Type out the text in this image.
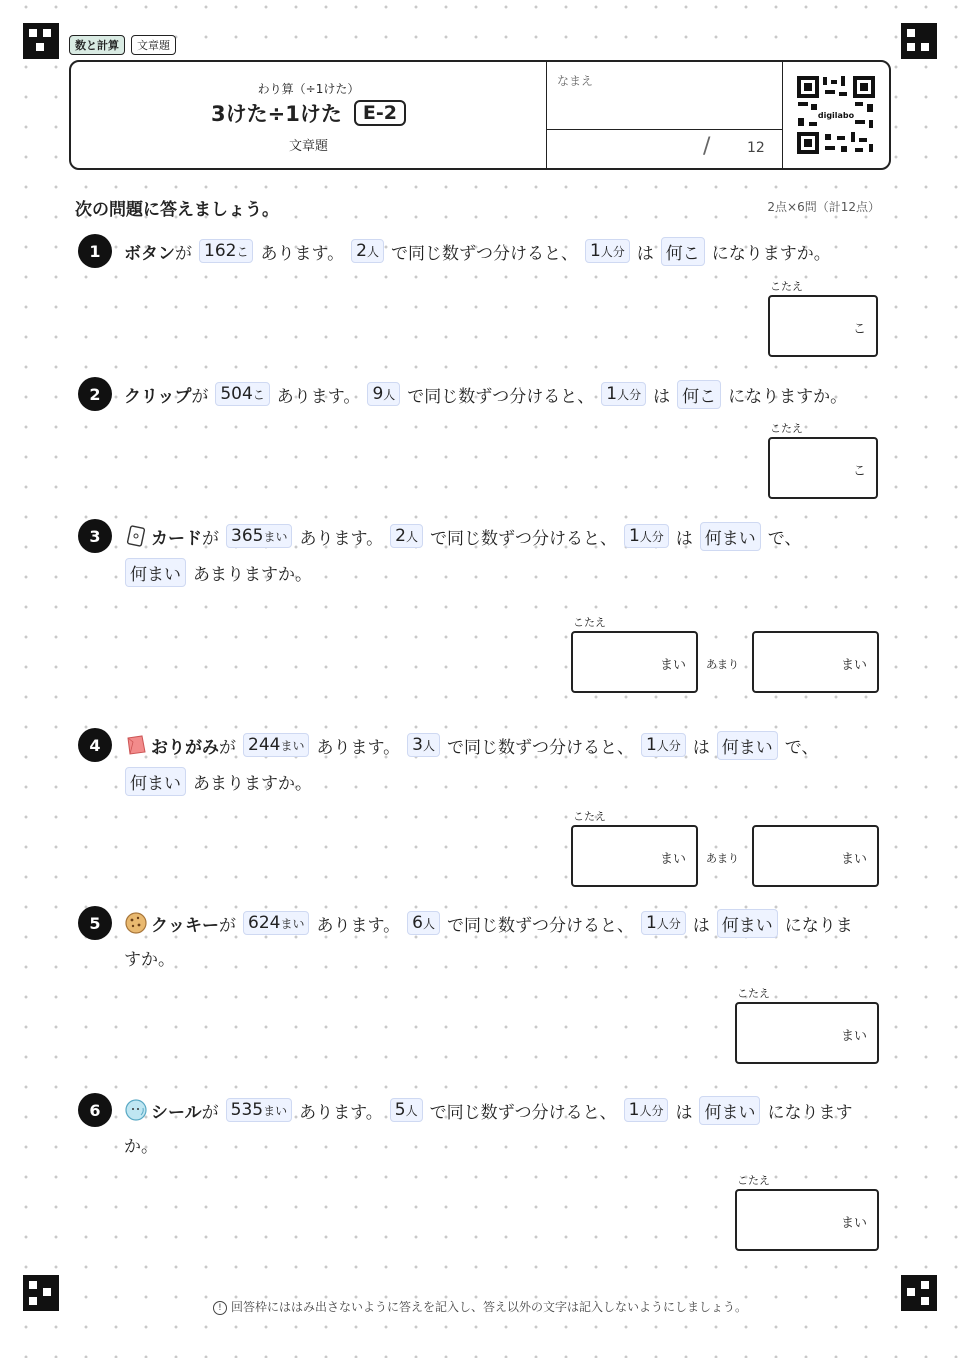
数と計算	文章題
わり算（÷1けた）
3けた÷1けた	E-2
文章題
なまえ
/	12
digilabo
次の問題に答えましょう。	2点×6問（計12点）
1	ボタン が 162こ あります。 2人 で同じ数ずつ分けると、 1人分 は 何こ になりますか。
こたえ
こ
2	クリップ が 504こ あります。 9人 で同じ数ずつ分けると、 1人分 は 何こ になりますか。
こたえ
こ
3	カード が 365まい あります。 2人 で同じ数ずつ分けると、 1人分 は 何まい で、
何まい あまりますか。
こたえ
まい あまり	まい
4	おりがみ が 244まい あります。 3人 で同じ数ずつ分けると、 1人分 は 何まい で、
何まい あまりますか。
こたえ
まい あまり	まい
5	クッキー が 624まい あります。 6人 で同じ数ずつ分けると、 1人分 は 何まい になりま
すか。
こたえ
まい
6	シール が 535まい あります。 5人 で同じ数ずつ分けると、 1人分 は 何まい になります
か。
こたえ
まい
! 回答枠にははみ出さないように答えを記入し、答え以外の文字は記入しないようにしましょう。
